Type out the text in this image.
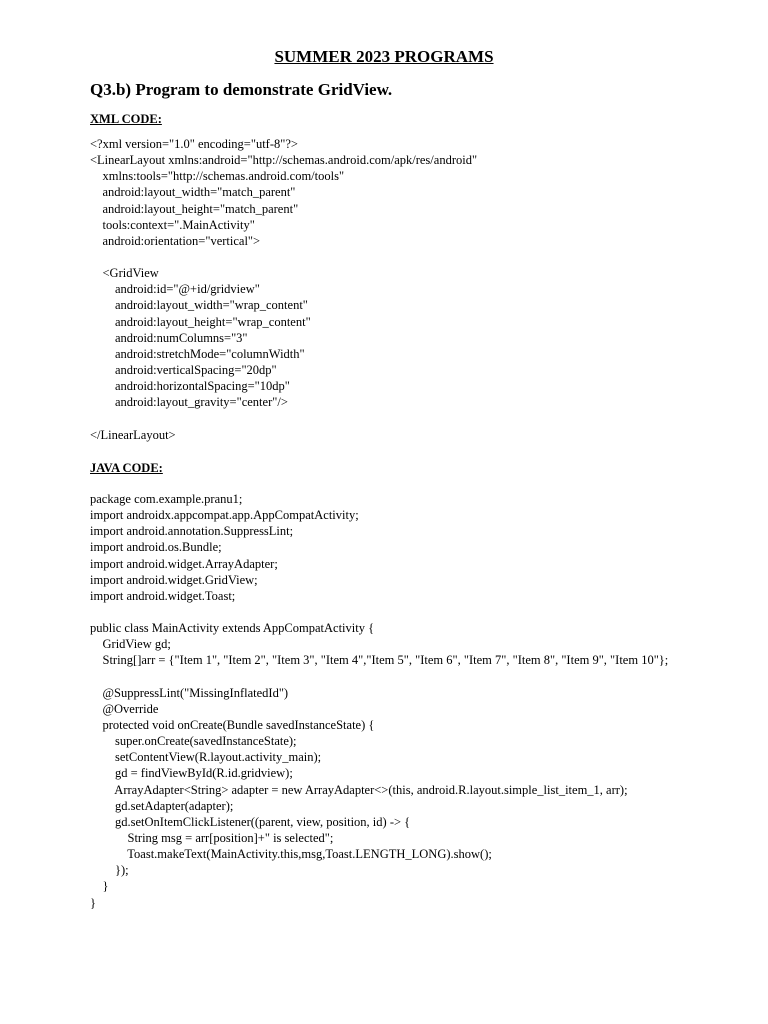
SUMMER 2023 PROGRAMS
Q3.b) Program to demonstrate GridView.
XML CODE:
<?xml version="1.0" encoding="utf-8"?>
<LinearLayout xmlns:android="http://schemas.android.com/apk/res/android"
xmlns:tools="http://schemas.android.com/tools"
android:layout_width="match_parent"
android:layout_height="match_parent"
tools:context=".MainActivity"
android:orientation="vertical">
<GridView
android:id="@+id/gridview"
android:layout_width="wrap_content"
android:layout_height="wrap_content"
android:numColumns="3"
android:stretchMode="columnWidth"
android:verticalSpacing="20dp"
android:horizontalSpacing="10dp"
android:layout_gravity="center"/>
</LinearLayout>
JAVA CODE:
package com.example.pranu1;
import androidx.appcompat.app.AppCompatActivity;
import android.annotation.SuppressLint;
import android.os.Bundle;
import android.widget.ArrayAdapter;
import android.widget.GridView;
import android.widget.Toast;
public class MainActivity extends AppCompatActivity {
GridView gd;
String[]arr = {"Item 1", "Item 2", "Item 3", "Item 4","Item 5", "Item 6", "Item 7", "Item 8", "Item 9", "Item 10"};
@SuppressLint("MissingInflatedId")
@Override
protected void onCreate(Bundle savedInstanceState) {
super.onCreate(savedInstanceState);
setContentView(R.layout.activity_main);
gd = findViewById(R.id.gridview);
ArrayAdapter<String> adapter = new ArrayAdapter<>(this, android.R.layout.simple_list_item_1, arr);
gd.setAdapter(adapter);
gd.setOnItemClickListener((parent, view, position, id) -> {
String msg = arr[position]+" is selected";
Toast.makeText(MainActivity.this,msg,Toast.LENGTH_LONG).show();
});
}
}
